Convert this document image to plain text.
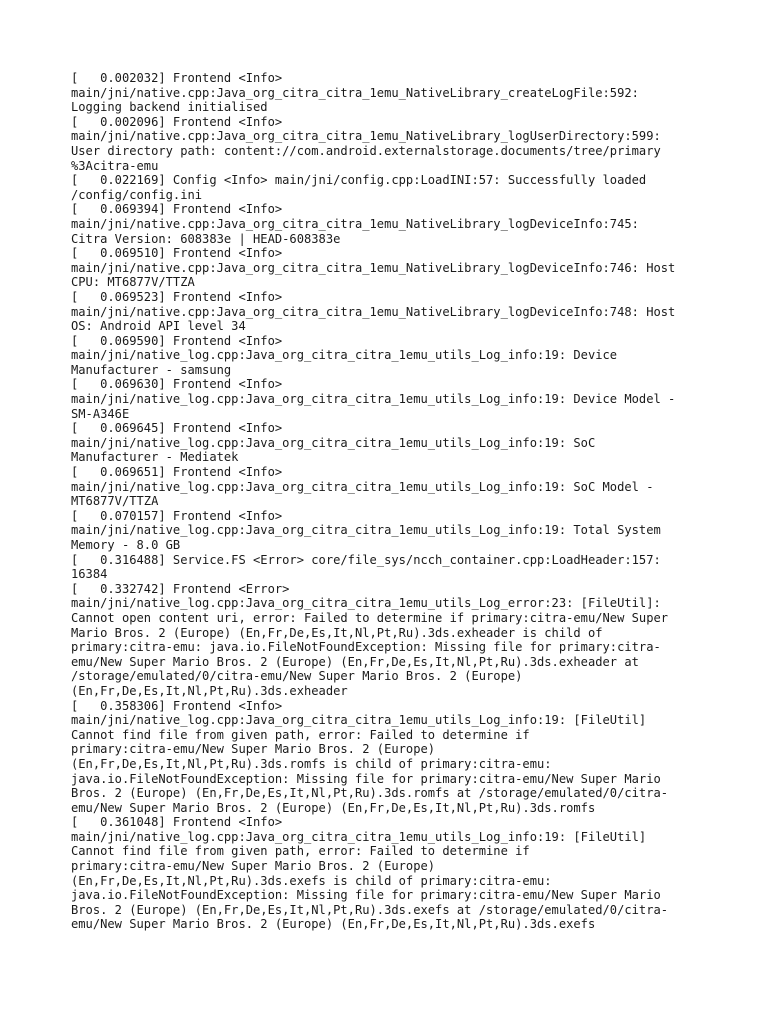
[   0.002032] Frontend <Info>
main/jni/native.cpp:Java_org_citra_citra_1emu_NativeLibrary_createLogFile:592:
Logging backend initialised
[   0.002096] Frontend <Info>
main/jni/native.cpp:Java_org_citra_citra_1emu_NativeLibrary_logUserDirectory:599:
User directory path: content://com.android.externalstorage.documents/tree/primary
%3Acitra-emu
[   0.022169] Config <Info> main/jni/config.cpp:LoadINI:57: Successfully loaded
/config/config.ini
[   0.069394] Frontend <Info>
main/jni/native.cpp:Java_org_citra_citra_1emu_NativeLibrary_logDeviceInfo:745:
Citra Version: 608383e | HEAD-608383e
[   0.069510] Frontend <Info>
main/jni/native.cpp:Java_org_citra_citra_1emu_NativeLibrary_logDeviceInfo:746: Host
CPU: MT6877V/TTZA
[   0.069523] Frontend <Info>
main/jni/native.cpp:Java_org_citra_citra_1emu_NativeLibrary_logDeviceInfo:748: Host
OS: Android API level 34
[   0.069590] Frontend <Info>
main/jni/native_log.cpp:Java_org_citra_citra_1emu_utils_Log_info:19: Device
Manufacturer - samsung
[   0.069630] Frontend <Info>
main/jni/native_log.cpp:Java_org_citra_citra_1emu_utils_Log_info:19: Device Model -
SM-A346E
[   0.069645] Frontend <Info>
main/jni/native_log.cpp:Java_org_citra_citra_1emu_utils_Log_info:19: SoC
Manufacturer - Mediatek
[   0.069651] Frontend <Info>
main/jni/native_log.cpp:Java_org_citra_citra_1emu_utils_Log_info:19: SoC Model -
MT6877V/TTZA
[   0.070157] Frontend <Info>
main/jni/native_log.cpp:Java_org_citra_citra_1emu_utils_Log_info:19: Total System
Memory - 8.0 GB
[   0.316488] Service.FS <Error> core/file_sys/ncch_container.cpp:LoadHeader:157:
16384
[   0.332742] Frontend <Error>
main/jni/native_log.cpp:Java_org_citra_citra_1emu_utils_Log_error:23: [FileUtil]:
Cannot open content uri, error: Failed to determine if primary:citra-emu/New Super
Mario Bros. 2 (Europe) (En,Fr,De,Es,It,Nl,Pt,Ru).3ds.exheader is child of
primary:citra-emu: java.io.FileNotFoundException: Missing file for primary:citra-
emu/New Super Mario Bros. 2 (Europe) (En,Fr,De,Es,It,Nl,Pt,Ru).3ds.exheader at
/storage/emulated/0/citra-emu/New Super Mario Bros. 2 (Europe)
(En,Fr,De,Es,It,Nl,Pt,Ru).3ds.exheader
[   0.358306] Frontend <Info>
main/jni/native_log.cpp:Java_org_citra_citra_1emu_utils_Log_info:19: [FileUtil]
Cannot find file from given path, error: Failed to determine if
primary:citra-emu/New Super Mario Bros. 2 (Europe)
(En,Fr,De,Es,It,Nl,Pt,Ru).3ds.romfs is child of primary:citra-emu:
java.io.FileNotFoundException: Missing file for primary:citra-emu/New Super Mario
Bros. 2 (Europe) (En,Fr,De,Es,It,Nl,Pt,Ru).3ds.romfs at /storage/emulated/0/citra-
emu/New Super Mario Bros. 2 (Europe) (En,Fr,De,Es,It,Nl,Pt,Ru).3ds.romfs
[   0.361048] Frontend <Info>
main/jni/native_log.cpp:Java_org_citra_citra_1emu_utils_Log_info:19: [FileUtil]
Cannot find file from given path, error: Failed to determine if
primary:citra-emu/New Super Mario Bros. 2 (Europe)
(En,Fr,De,Es,It,Nl,Pt,Ru).3ds.exefs is child of primary:citra-emu:
java.io.FileNotFoundException: Missing file for primary:citra-emu/New Super Mario
Bros. 2 (Europe) (En,Fr,De,Es,It,Nl,Pt,Ru).3ds.exefs at /storage/emulated/0/citra-
emu/New Super Mario Bros. 2 (Europe) (En,Fr,De,Es,It,Nl,Pt,Ru).3ds.exefs
